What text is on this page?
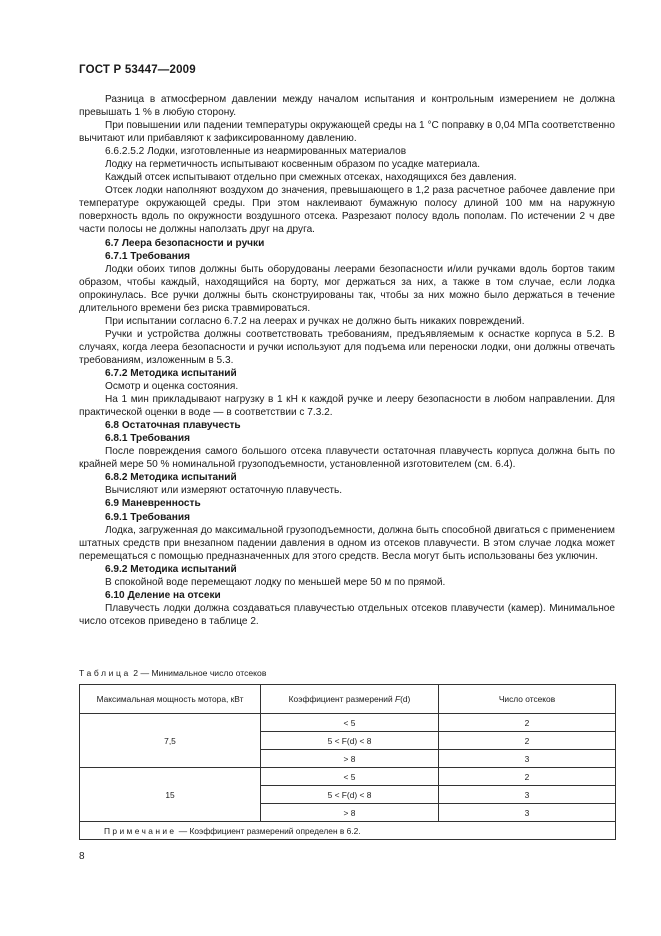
ГОСТ Р 53447—2009

Разница в атмосферном давлении между началом испытания и контрольным измерением не должна превышать 1 % в любую сторону.

При повышении или падении температуры окружающей среды на 1 °С поправку в 0,04 МПа соответственно вычитают или прибавляют к зафиксированному давлению.

6.6.2.5.2 Лодки, изготовленные из неармированных материалов

Лодку на герметичность испытывают косвенным образом по усадке материала.

Каждый отсек испытывают отдельно при смежных отсеках, находящихся без давления.

Отсек лодки наполняют воздухом до значения, превышающего в 1,2 раза расчетное рабочее давление при температуре окружающей среды. При этом наклеивают бумажную полосу длиной 100 мм на наружную поверхность вдоль по окружности воздушного отсека. Разрезают полосу вдоль пополам. По истечении 2 ч две части полосы не должны наползать друг на друга.

6.7 Леера безопасности и ручки

6.7.1 Требования

Лодки обоих типов должны быть оборудованы леерами безопасности и/или ручками вдоль бортов таким образом, чтобы каждый, находящийся на борту, мог держаться за них, а также в том случае, если лодка опрокинулась. Все ручки должны быть сконструированы так, чтобы за них можно было держаться в течение длительного времени без риска травмироваться.

При испытании согласно 6.7.2 на леерах и ручках не должно быть никаких повреждений.

Ручки и устройства должны соответствовать требованиям, предъявляемым к оснастке корпуса в 5.2. В случаях, когда леера безопасности и ручки используют для подъема или переноски лодки, они должны отвечать требованиям, изложенным в 5.3.

6.7.2 Методика испытаний

Осмотр и оценка состояния.

На 1 мин прикладывают нагрузку в 1 кН к каждой ручке и лееру безопасности в любом направлении. Для практической оценки в воде — в соответствии с 7.3.2.

6.8 Остаточная плавучесть

6.8.1 Требования

После повреждения самого большого отсека плавучести остаточная плавучесть корпуса должна быть по крайней мере 50 % номинальной грузоподъемности, установленной изготовителем (см. 6.4).

6.8.2 Методика испытаний

Вычисляют или измеряют остаточную плавучесть.

6.9 Маневренность

6.9.1 Требования

Лодка, загруженная до максимальной грузоподъемности, должна быть способной двигаться с применением штатных средств при внезапном падении давления в одном из отсеков плавучести. В этом случае лодка может перемещаться с помощью предназначенных для этого средств. Весла могут быть использованы без уключин.

6.9.2 Методика испытаний

В спокойной воде перемещают лодку по меньшей мере 50 м по прямой.

6.10 Деление на отсеки

Плавучесть лодки должна создаваться плавучестью отдельных отсеков плавучести (камер). Минимальное число отсеков приведено в таблице 2.

Таблица 2 — Минимальное число отсеков
Максимальная мощность мотора, кВт	Коэффициент размерений F(d)	Число отсеков
7,5	< 5	2
	5 < F(d) < 8	2
	> 8	3
15	< 5	2
	5 < F(d) < 8	3
	> 8	3
Примечание — Коэффициент размерений определен в 6.2.		
8
